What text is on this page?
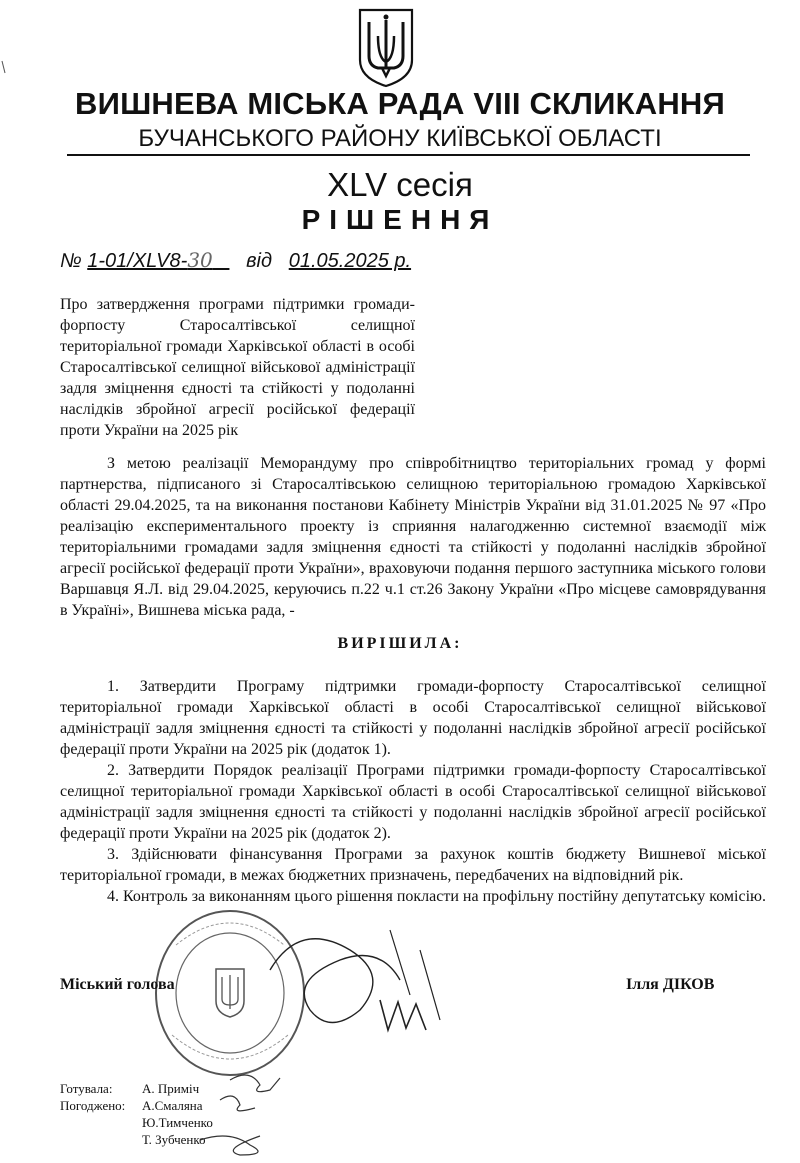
ВИШНЕВА МІСЬКА РАДА VIII СКЛИКАННЯ
БУЧАНСЬКОГО РАЙОНУ КИЇВСЬКОЇ ОБЛАСТІ
XLV сесія
РІШЕННЯ
№ 1-01/XLV8-30 від 01.05.2025 р.
Про затвердження програми підтримки громади-форпосту Старосалтівської селищної територіальної громади Харківської області в особі Старосалтівської селищної військової адміністрації задля зміцнення єдності та стійкості у подоланні наслідків збройної агресії російської федерації проти України на 2025 рік

З метою реалізації Меморандуму про співробітництво територіальних громад у формі партнерства, підписаного зі Старосалтівською селищною територіальною громадою Харківської області 29.04.2025, та на виконання постанови Кабінету Міністрів України від 31.01.2025 № 97 «Про реалізацію експериментального проекту із сприяння налагодженню системної взаємодії між територіальними громадами задля зміцнення єдності та стійкості у подоланні наслідків збройної агресії російської федерації проти України», враховуючи подання першого заступника міського голови Варшавця Я.Л. від 29.04.2025, керуючись п.22 ч.1 ст.26 Закону України «Про місцеве самоврядування в Україні», Вишнева міська рада, -

ВИРІШИЛА:

1. Затвердити Програму підтримки громади-форпосту Старосалтівської селищної територіальної громади Харківської області в особі Старосалтівської селищної військової адміністрації задля зміцнення єдності та стійкості у подоланні наслідків збройної агресії російської федерації проти України на 2025 рік (додаток 1).

2. Затвердити Порядок реалізації Програми підтримки громади-форпосту Старосалтівської селищної територіальної громади Харківської області в особі Старосалтівської селищної військової адміністрації задля зміцнення єдності та стійкості у подоланні наслідків збройної агресії російської федерації проти України на 2025 рік (додаток 2).

3. Здійснювати фінансування Програми за рахунок коштів бюджету Вишневої міської територіальної громади, в межах бюджетних призначень, передбачених на відповідний рік.

4. Контроль за виконанням цього рішення покласти на профільну постійну депутатську комісію.

Міський голова	Ілля ДІКОВ
Готувала:	А. Приміч
Погоджено:	А.Смаляна
Ю.Тимченко
Т. Зубченко
